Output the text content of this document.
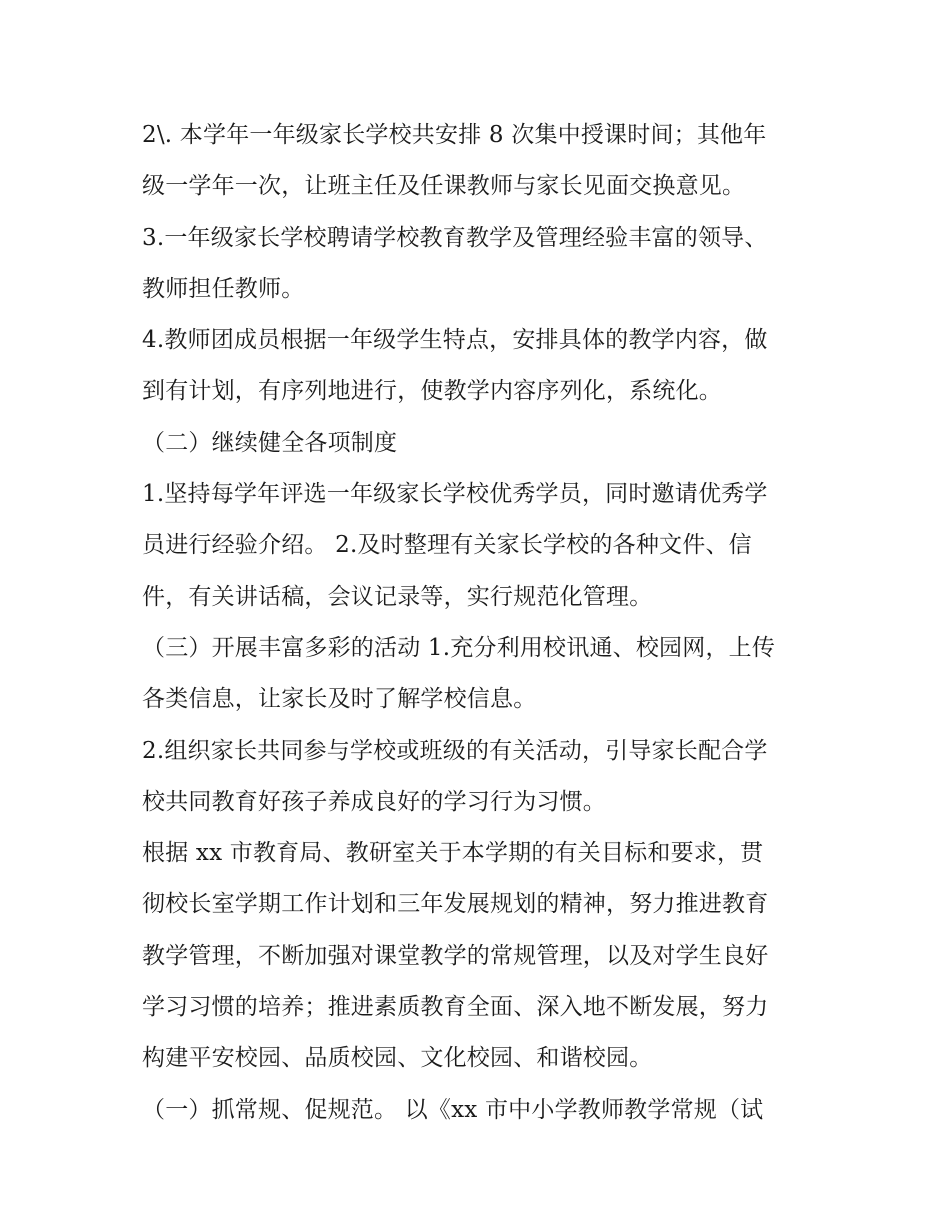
2\. 本学年一年级家长学校共安排 8 次集中授课时间；其他年
级一学年一次，让班主任及任课教师与家长见面交换意见。
3.一年级家长学校聘请学校教育教学及管理经验丰富的领导、
教师担任教师。
4.教师团成员根据一年级学生特点，安排具体的教学内容，做
到有计划，有序列地进行，使教学内容序列化，系统化。
（二）继续健全各项制度
1.坚持每学年评选一年级家长学校优秀学员，同时邀请优秀学
员进行经验介绍。 2.及时整理有关家长学校的各种文件、信
件，有关讲话稿，会议记录等，实行规范化管理。
（三）开展丰富多彩的活动 1.充分利用校讯通、校园网，上传
各类信息，让家长及时了解学校信息。
2.组织家长共同参与学校或班级的有关活动，引导家长配合学
校共同教育好孩子养成良好的学习行为习惯。
根据 xx 市教育局、教研室关于本学期的有关目标和要求，贯
彻校长室学期工作计划和三年发展规划的精神，努力推进教育
教学管理，不断加强对课堂教学的常规管理，以及对学生良好
学习习惯的培养；推进素质教育全面、深入地不断发展，努力
构建平安校园、品质校园、文化校园、和谐校园。
（一）抓常规、促规范。 以《xx 市中小学教师教学常规（试
